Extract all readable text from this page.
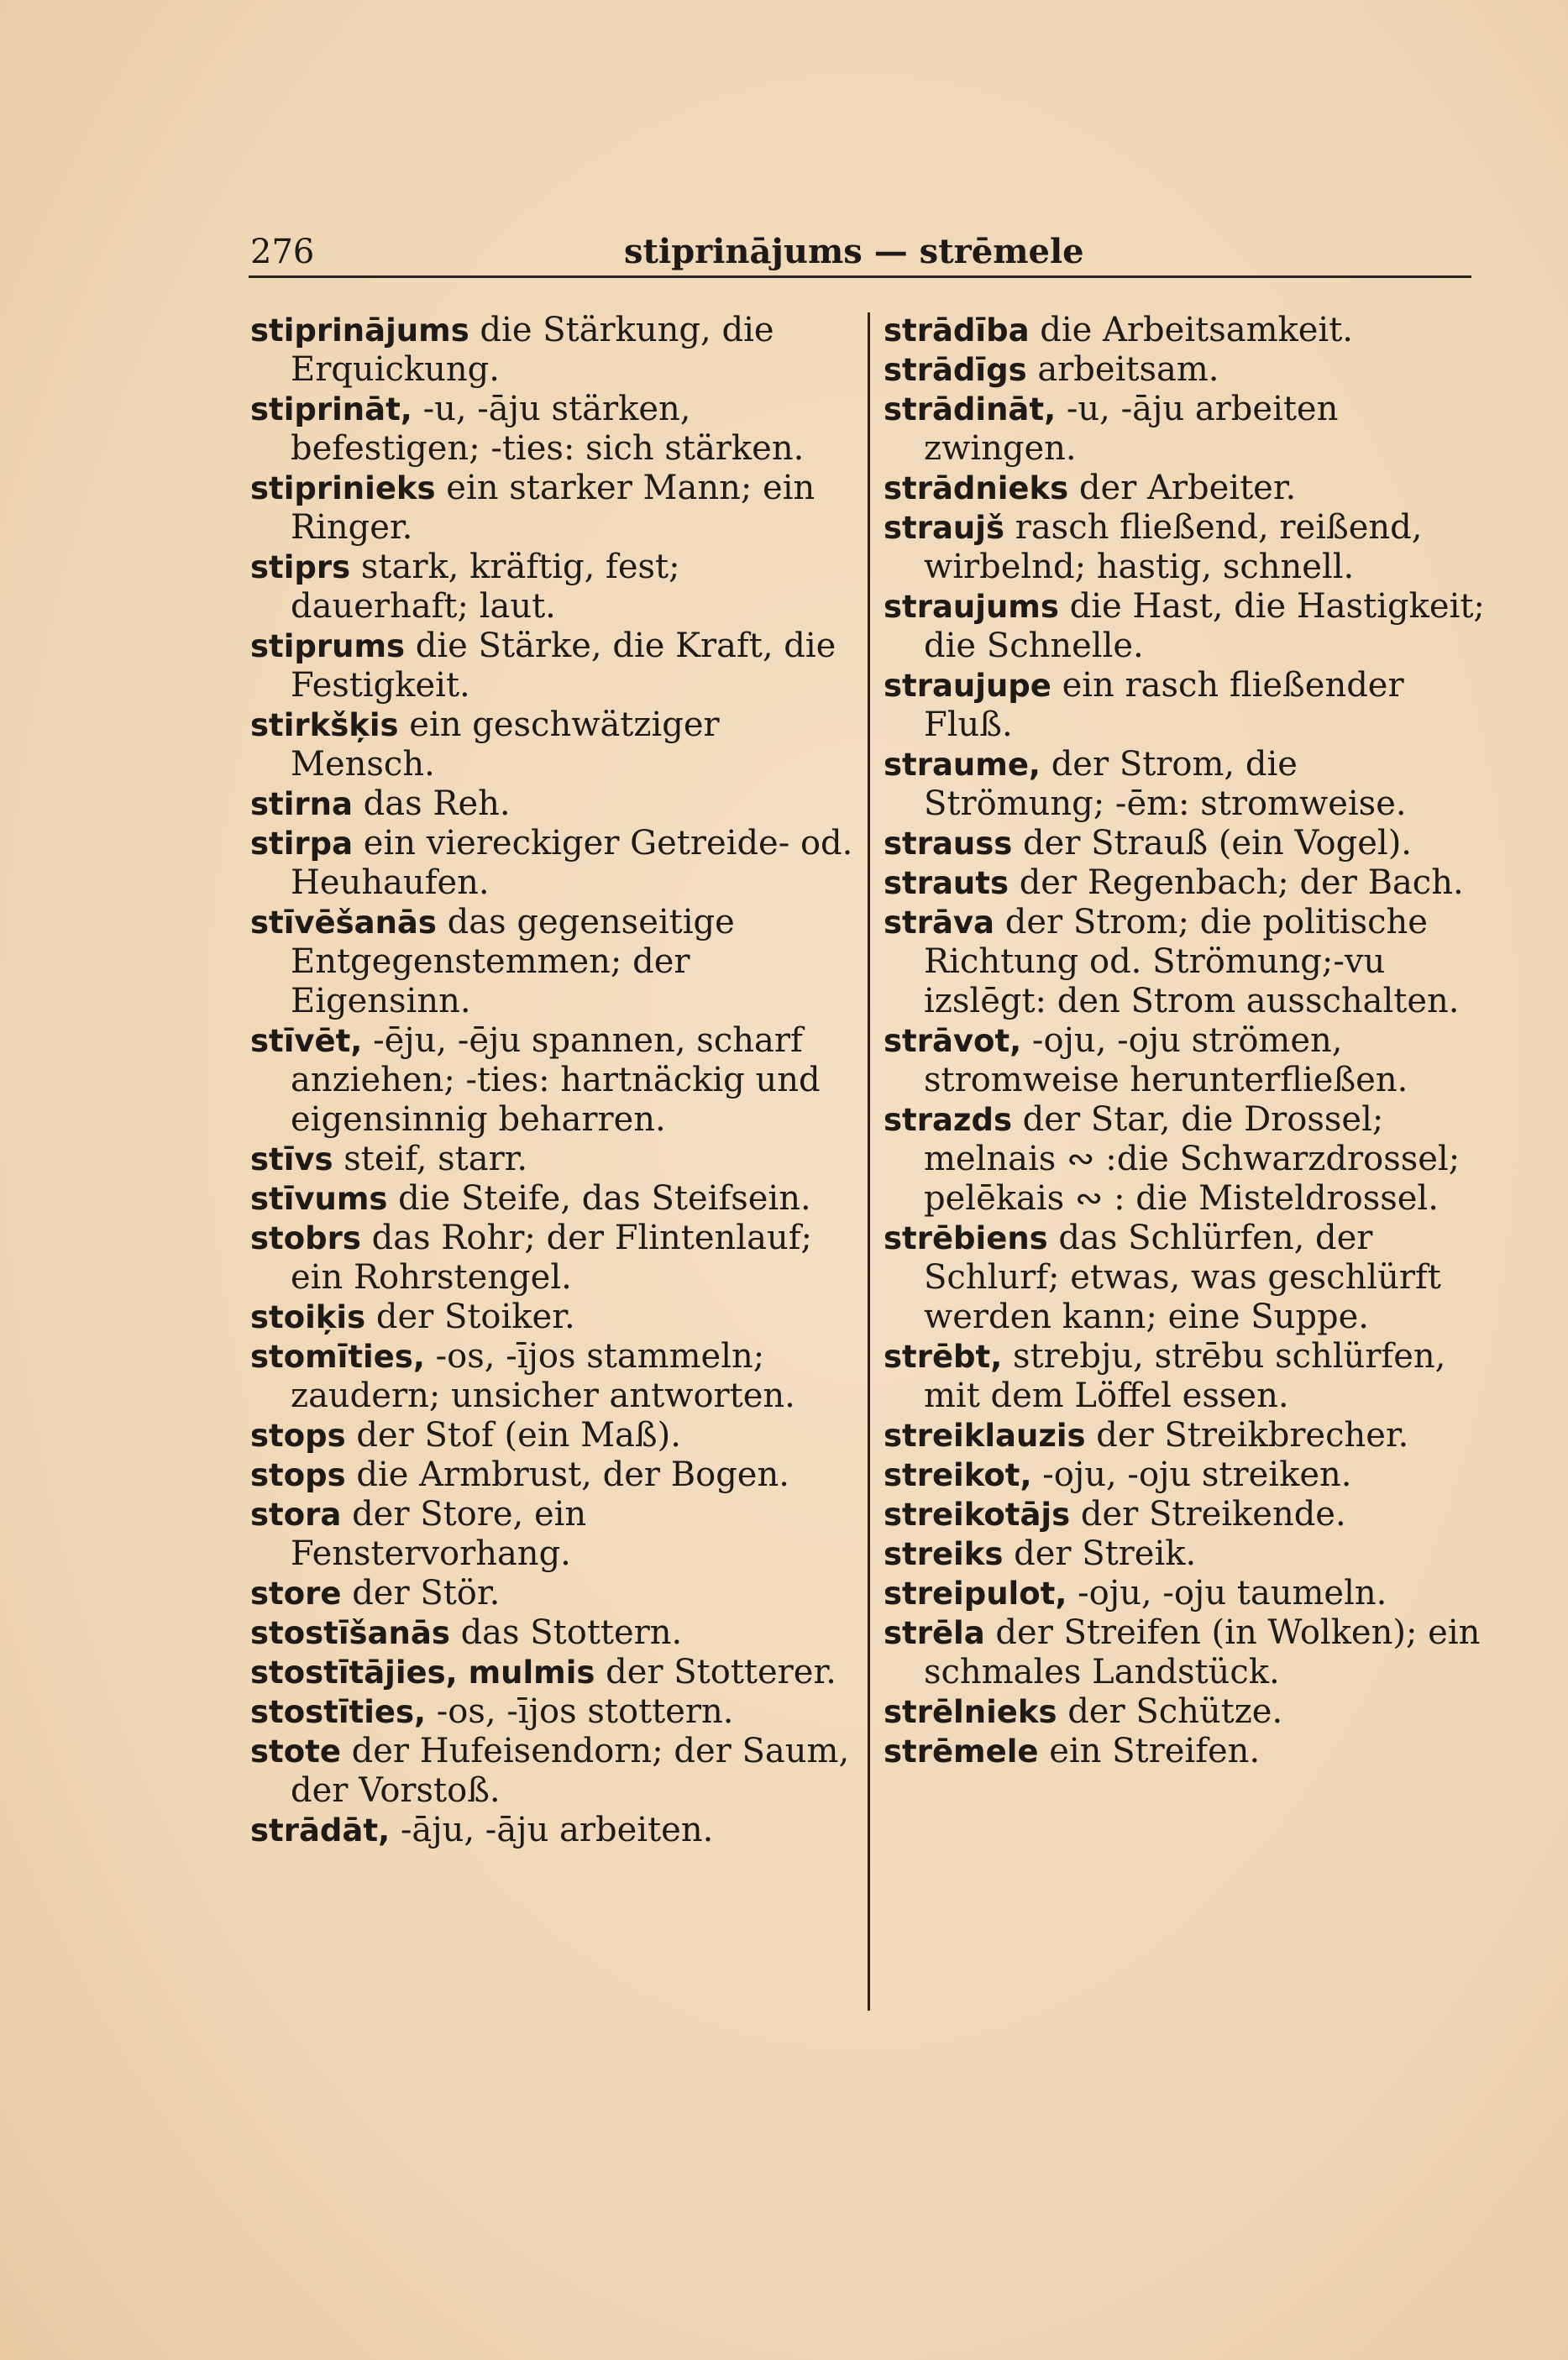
276	stiprinājums — strēmele

stiprinājums die Stärkung, die Erquickung.

stiprināt, -u, -āju stärken, befestigen; -ties: sich stärken.

stiprinieks ein starker Mann; ein Ringer.

stiprs stark, kräftig, fest; dauerhaft; laut.

stiprums die Stärke, die Kraft, die Festigkeit.

stirkšķis ein geschwätziger Mensch.

stirna das Reh.

stirpa ein viereckiger Getreide- od. Heuhaufen.

stīvēšanās das gegenseitige Entgegenstemmen; der Eigensinn.

stīvēt, -ēju, -ēju spannen, scharf anziehen; -ties: hartnäckig und eigensinnig beharren.

stīvs steif, starr.

stīvums die Steife, das Steifsein.

stobrs das Rohr; der Flintenlauf; ein Rohrstengel.

stoiķis der Stoiker.

stomīties, -os, -ījos stammeln; zaudern; unsicher antworten.

stops der Stof (ein Maß).

stops die Armbrust, der Bogen.

stora der Store, ein Fenstervorhang.

store der Stör.

stostīšanās das Stottern.

stostītājies, mulmis der Stotterer.

stostīties, -os, -ījos stottern.

stote der Hufeisendorn; der Saum, der Vorstoß.

strādāt, -āju, -āju arbeiten.

strādība die Arbeitsamkeit.

strādīgs arbeitsam.

strādināt, -u, -āju arbeiten zwingen.

strādnieks der Arbeiter.

straujš rasch fließend, reißend, wirbelnd; hastig, schnell.

straujums die Hast, die Hastigkeit; die Schnelle.

straujupe ein rasch fließender Fluß.

straume, der Strom, die Strömung; -ēm: stromweise.

strauss der Strauß (ein Vogel).

strauts der Regenbach; der Bach.

strāva der Strom; die politische Richtung od. Strömung;-vu izslēgt: den Strom ausschalten.

strāvot, -oju, -oju strömen, stromweise herunterfließen.

strazds der Star, die Drossel; melnais ∾ :die Schwarzdrossel; pelēkais ∾ : die Misteldrossel.

strēbiens das Schlürfen, der Schlurf; etwas, was geschlürft werden kann; eine Suppe.

strēbt, strebju, strēbu schlürfen, mit dem Löffel essen.

streiklauzis der Streikbrecher.

streikot, -oju, -oju streiken.

streikotājs der Streikende.

streiks der Streik.

streipulot, -oju, -oju taumeln.

strēla der Streifen (in Wolken); ein schmales Landstück.

strēlnieks der Schütze.

strēmele ein Streifen.
